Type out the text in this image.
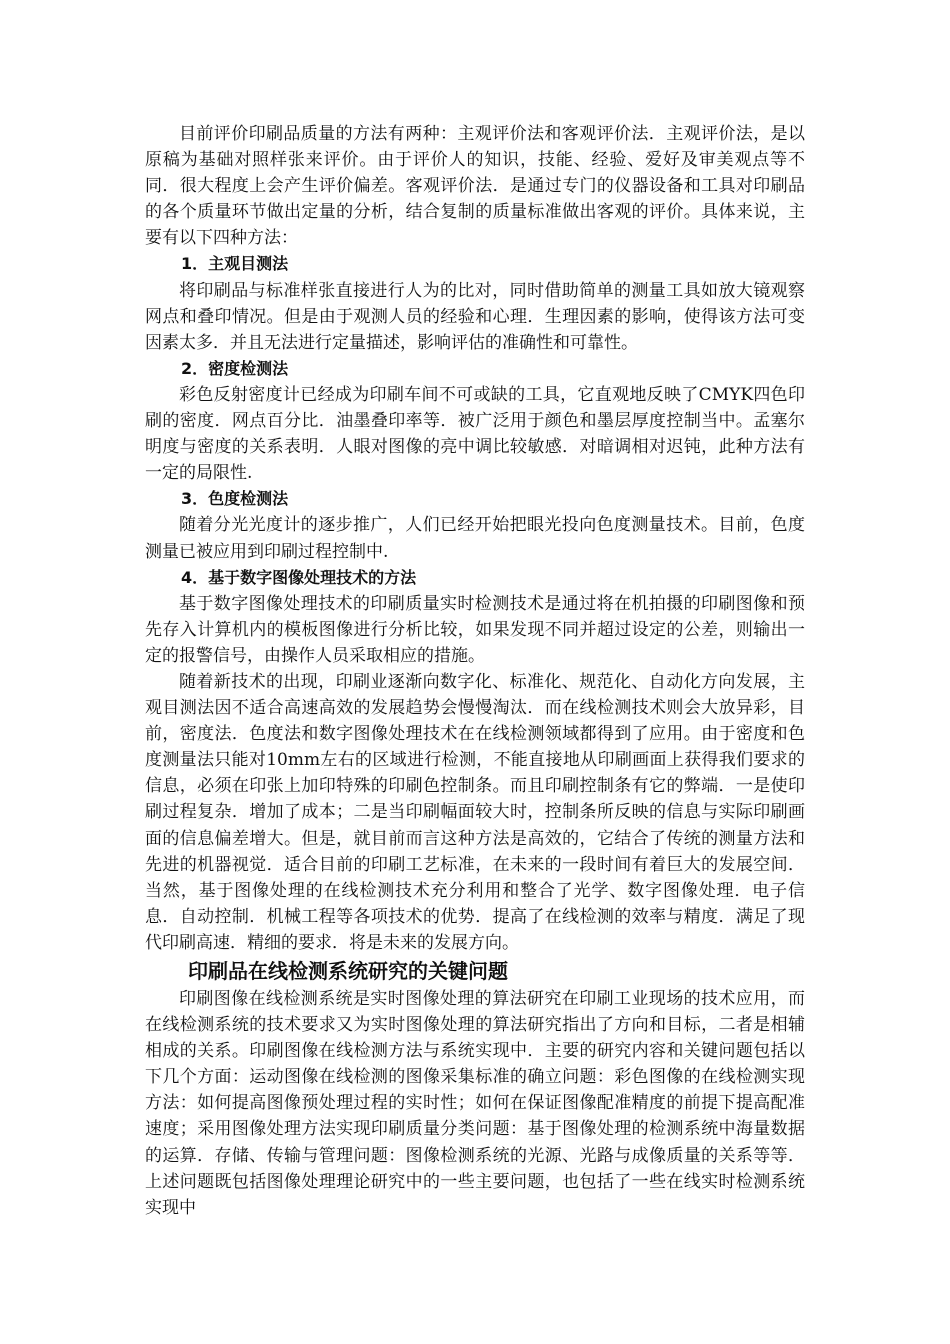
目前评价印刷品质量的方法有两种：主观评价法和客观评价法．主观评价法，是以原稿为基础对照样张来评价。由于评价人的知识，技能、经验、爱好及审美观点等不同．很大程度上会产生评价偏差。客观评价法．是通过专门的仪器设备和工具对印刷品的各个质量环节做出定量的分析，结合复制的质量标准做出客观的评价。具体来说，主要有以下四种方法：

1．主观目测法

将印刷品与标准样张直接进行人为的比对，同时借助简单的测量工具如放大镜观察网点和叠印情况。但是由于观测人员的经验和心理．生理因素的影响，使得该方法可变因素太多．并且无法进行定量描述，影响评估的准确性和可靠性。

2．密度检测法

彩色反射密度计已经成为印刷车间不可或缺的工具，它直观地反映了CMYK四色印刷的密度．网点百分比．油墨叠印率等．被广泛用于颜色和墨层厚度控制当中。孟塞尔明度与密度的关系表明．人眼对图像的亮中调比较敏感．对暗调相对迟钝，此种方法有一定的局限性.

3．色度检测法

随着分光光度计的逐步推广，人们已经开始把眼光投向色度测量技术。目前，色度测量已被应用到印刷过程控制中.

4．基于数字图像处理技术的方法

基于数字图像处理技术的印刷质量实时检测技术是通过将在机拍摄的印刷图像和预先存入计算机内的模板图像进行分析比较，如果发现不同并超过设定的公差，则输出一定的报警信号，由操作人员采取相应的措施。

随着新技术的出现，印刷业逐渐向数字化、标准化、规范化、自动化方向发展，主观目测法因不适合高速高效的发展趋势会慢慢淘汰．而在线检测技术则会大放异彩，目前，密度法．色度法和数字图像处理技术在在线检测领域都得到了应用。由于密度和色度测量法只能对10mm左右的区域进行检测，不能直接地从印刷画面上获得我们要求的信息，必须在印张上加印特殊的印刷色控制条。而且印刷控制条有它的弊端．一是使印刷过程复杂．增加了成本；二是当印刷幅面较大时，控制条所反映的信息与实际印刷画面的信息偏差增大。但是，就目前而言这种方法是高效的，它结合了传统的测量方法和先进的机器视觉．适合目前的印刷工艺标准，在未来的一段时间有着巨大的发展空间．当然，基于图像处理的在线检测技术充分利用和整合了光学、数字图像处理．电子信息．自动控制．机械工程等各项技术的优势．提高了在线检测的效率与精度．满足了现代印刷高速．精细的要求．将是未来的发展方向。

印刷品在线检测系统研究的关键问题

印刷图像在线检测系统是实时图像处理的算法研究在印刷工业现场的技术应用，而在线检测系统的技术要求又为实时图像处理的算法研究指出了方向和目标，二者是相辅相成的关系。印刷图像在线检测方法与系统实现中．主要的研究内容和关键问题包括以下几个方面：运动图像在线检测的图像采集标准的确立问题：彩色图像的在线检测实现方法：如何提高图像预处理过程的实时性；如何在保证图像配准精度的前提下提高配准速度；采用图像处理方法实现印刷质量分类问题：基于图像处理的检测系统中海量数据的运算．存储、传输与管理问题：图像检测系统的光源、光路与成像质量的关系等等．上述问题既包括图像处理理论研究中的一些主要问题，也包括了一些在线实时检测系统实现中
